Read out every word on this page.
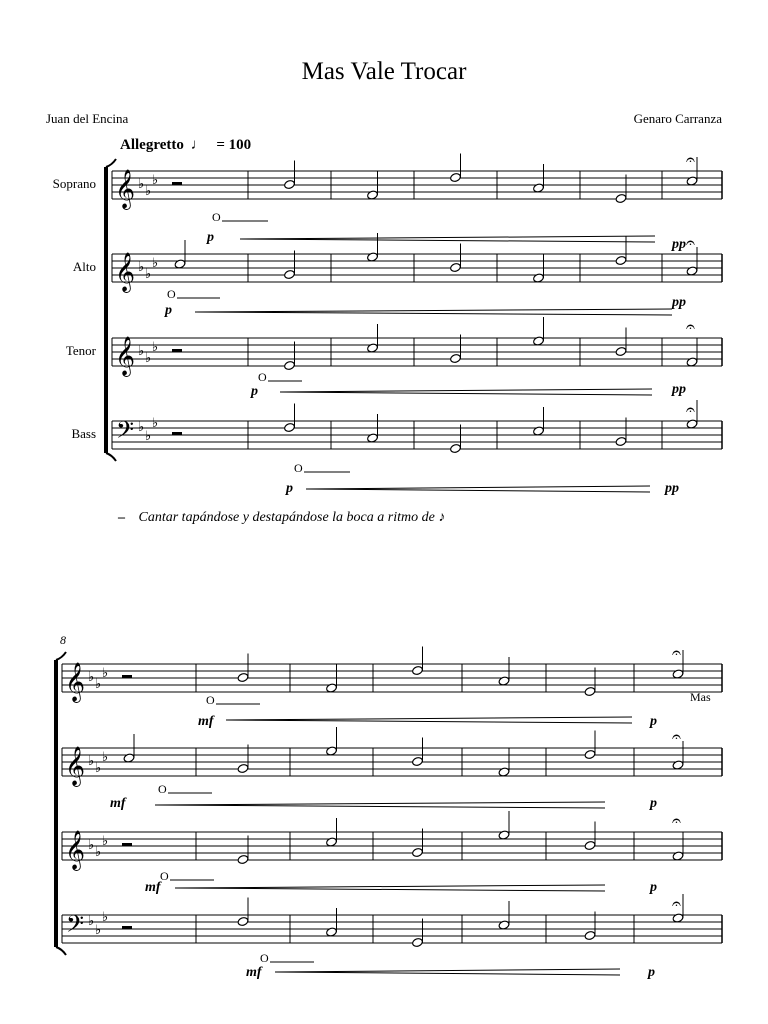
Mas Vale Trocar
Juan del Encina	Genaro Carranza
Allegretto ♩ = 100
– Cantar tapándose y destapándose la boca a ritmo de ♪
𝄞 ♭ ♭
♭
𝄞 ♭ ♭
♭
𝄞 ♭ ♭
♭
𝄢 ♭
♭
♭
𝄞 ♭ ♭
♭
𝄞 ♭ ♭
♭
𝄞 ♭ ♭
♭
𝄢 ♭
♭
♭
Soprano
Alto
Tenor
Bass
8
𝄐
𝄐
𝄐
𝄐
𝄐
𝄐
𝄐
𝄐
O
p	pp
O
p
pp
O
p	pp
O
p	pp
O
mf	p
Mas
mf
O
p
O
mf	p
O
mf	p
